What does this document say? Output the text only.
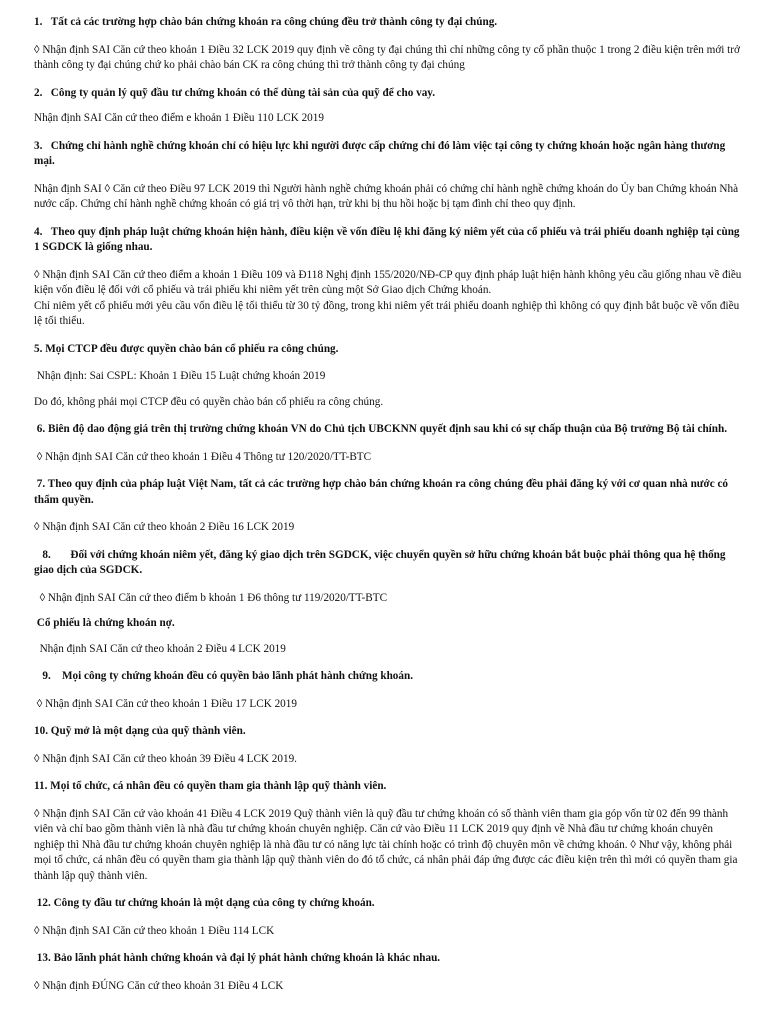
1.   Tất cả các trường hợp chào bán chứng khoán ra công chúng đều trở thành công ty đại chúng.

◊ Nhận định SAI Căn cứ theo khoản 1 Điều 32 LCK 2019 quy định về công ty đại chúng thì chỉ những công ty cổ phần thuộc 1 trong 2 điều kiện trên mới trở thành công ty đại chúng chứ ko phải chào bán CK ra công chúng thì trở thành công ty đại chúng

2.   Công ty quản lý quỹ đầu tư chứng khoán có thể dùng tài sản của quỹ để cho vay.

Nhận định SAI Căn cứ theo điểm e khoản 1 Điều 110 LCK 2019

3.   Chứng chỉ hành nghề chứng khoán chỉ có hiệu lực khi người được cấp chứng chỉ đó làm việc tại công ty chứng khoán hoặc ngân hàng thương mại.

Nhận định SAI ◊ Căn cứ theo Điều 97 LCK 2019 thì Người hành nghề chứng khoán phải có chứng chỉ hành nghề chứng khoán do Ủy ban Chứng khoán Nhà nước cấp. Chứng chỉ hành nghề chứng khoán có giá trị vô thời hạn, trừ khi bị thu hồi hoặc bị tạm đình chỉ theo quy định.

4.   Theo quy định pháp luật chứng khoán hiện hành, điều kiện về vốn điều lệ khi đăng ký niêm yết của cổ phiếu và trái phiếu doanh nghiệp tại cùng 1 SGDCK là giống nhau.

◊ Nhận định SAI Căn cứ theo điểm a khoản 1 Điều 109 và Đ118 Nghị định 155/2020/NĐ-CP quy định pháp luật hiện hành không yêu cầu giống nhau về điều kiện vốn điều lệ đối với cổ phiếu và trái phiếu khi niêm yết trên cùng một Sở Giao dịch Chứng khoán.

Chỉ niêm yết cổ phiếu mới yêu cầu vốn điều lệ tối thiểu từ 30 tỷ đồng, trong khi niêm yết trái phiếu doanh nghiệp thì không có quy định bắt buộc về vốn điều lệ tối thiểu.

5. Mọi CTCP đều được quyền chào bán cổ phiếu ra công chúng.

Nhận định: Sai CSPL: Khoản 1 Điều 15 Luật chứng khoán 2019

Do đó, không phải mọi CTCP đều có quyền chào bán cổ phiếu ra công chúng.

6. Biên độ dao động giá trên thị trường chứng khoán VN do Chủ tịch UBCKNN quyết định sau khi có sự chấp thuận của Bộ trưởng Bộ tài chính.

◊ Nhận định SAI Căn cứ theo khoản 1 Điều 4 Thông tư 120/2020/TT-BTC

7. Theo quy định của pháp luật Việt Nam, tất cả các trường hợp chào bán chứng khoán ra công chúng đều phải đăng ký với cơ quan nhà nước có thẩm quyền.

◊ Nhận định SAI Căn cứ theo khoản 2 Điều 16 LCK 2019

8.       Đối với chứng khoán niêm yết, đăng ký giao dịch trên SGDCK, việc chuyển quyền sở hữu chứng khoán bắt buộc phải thông qua hệ thống giao dịch của SGDCK.

◊ Nhận định SAI Căn cứ theo điểm b khoản 1 Đ6 thông tư 119/2020/TT-BTC

Cổ phiếu là chứng khoán nợ.

Nhận định SAI Căn cứ theo khoản 2 Điều 4 LCK 2019

9.    Mọi công ty chứng khoán đều có quyền bảo lãnh phát hành chứng khoán.

◊ Nhận định SAI Căn cứ theo khoản 1 Điều 17 LCK 2019

10. Quỹ mở là một dạng của quỹ thành viên.

◊ Nhận định SAI Căn cứ theo khoản 39 Điều 4 LCK 2019.

11. Mọi tổ chức, cá nhân đều có quyền tham gia thành lập quỹ thành viên.

◊ Nhận định SAI Căn cứ vào khoản 41 Điều 4 LCK 2019 Quỹ thành viên là quỹ đầu tư chứng khoán có số thành viên tham gia góp vốn từ 02 đến 99 thành viên và chỉ bao gồm thành viên là nhà đầu tư chứng khoán chuyên nghiệp. Căn cứ vào Điều 11 LCK 2019 quy định về Nhà đầu tư chứng khoán chuyên nghiệp thì Nhà đầu tư chứng khoán chuyên nghiệp là nhà đầu tư có năng lực tài chính hoặc có trình độ chuyên môn về chứng khoán. ◊ Như vậy, không phải mọi tổ chức, cá nhân đều có quyền tham gia thành lập quỹ thành viên do đó tổ chức, cá nhân phải đáp ứng được các điều kiện trên thì mới có quyền tham gia thành lập quỹ thành viên.

12. Công ty đầu tư chứng khoán là một dạng của công ty chứng khoán.

◊ Nhận định SAI Căn cứ theo khoản 1 Điều 114 LCK

13. Bảo lãnh phát hành chứng khoán và đại lý phát hành chứng khoán là khác nhau.

◊ Nhận định ĐÚNG Căn cứ theo khoản 31 Điều 4 LCK
